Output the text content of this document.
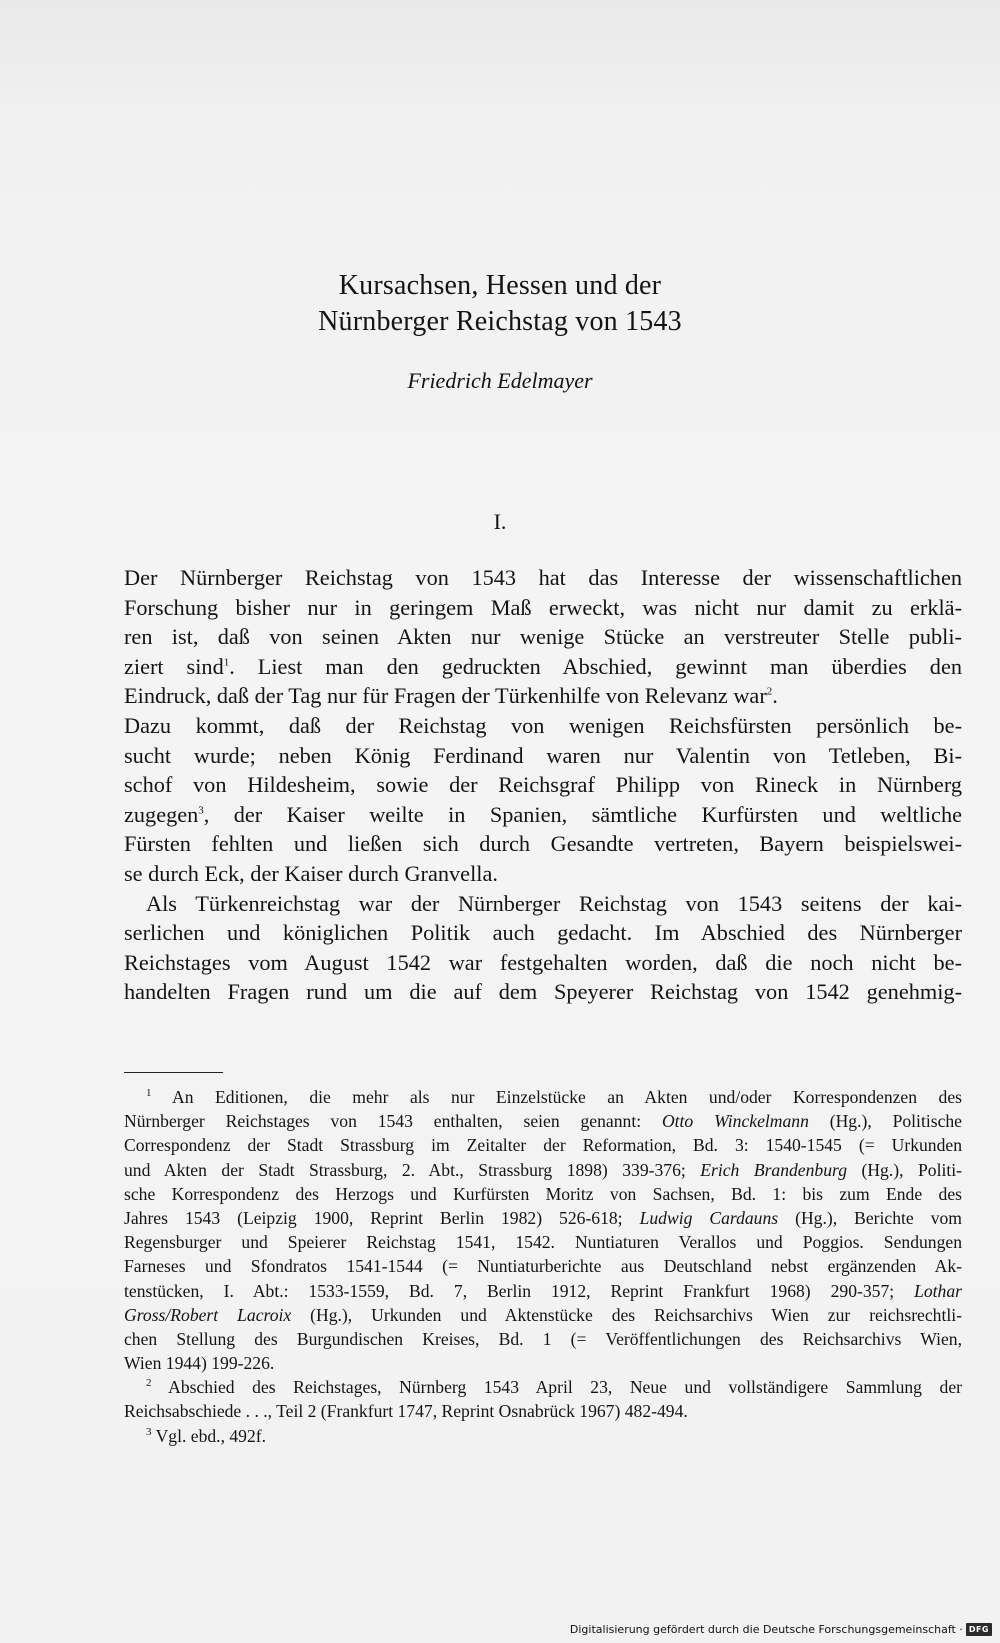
Kursachsen, Hessen und der
Nürnberger Reichstag von 1543
Friedrich Edelmayer
I.
Der Nürnberger Reichstag von 1543 hat das Interesse der wissenschaftlichen
Forschung bisher nur in geringem Maß erweckt, was nicht nur damit zu erklä-
ren ist, daß von seinen Akten nur wenige Stücke an verstreuter Stelle publi-
ziert sind$^1$. Liest man den gedruckten Abschied, gewinnt man überdies den
Eindruck, daß der Tag nur für Fragen der Türkenhilfe von Relevanz war$^2$.
Dazu kommt, daß der Reichstag von wenigen Reichsfürsten persönlich be-
sucht wurde; neben König Ferdinand waren nur Valentin von Tetleben, Bi-
schof von Hildesheim, sowie der Reichsgraf Philipp von Rineck in Nürnberg
zugegen$^3$, der Kaiser weilte in Spanien, sämtliche Kurfürsten und weltliche
Fürsten fehlten und ließen sich durch Gesandte vertreten, Bayern beispielswei-
se durch Eck, der Kaiser durch Granvella.
Als Türkenreichstag war der Nürnberger Reichstag von 1543 seitens der kai-
serlichen und königlichen Politik auch gedacht. Im Abschied des Nürnberger
Reichstages vom August 1542 war festgehalten worden, daß die noch nicht be-
handelten Fragen rund um die auf dem Speyerer Reichstag von 1542 genehmig-
$^1$ An Editionen, die mehr als nur Einzelstücke an Akten und/oder Korrespondenzen des
Nürnberger Reichstages von 1543 enthalten, seien genannt: Otto Winckelmann (Hg.), Politische
Correspondenz der Stadt Strassburg im Zeitalter der Reformation, Bd. 3: 1540-1545 (= Urkunden
und Akten der Stadt Strassburg, 2. Abt., Strassburg 1898) 339-376; Erich Brandenburg (Hg.), Politi-
sche Korrespondenz des Herzogs und Kurfürsten Moritz von Sachsen, Bd. 1: bis zum Ende des
Jahres 1543 (Leipzig 1900, Reprint Berlin 1982) 526-618; Ludwig Cardauns (Hg.), Berichte vom
Regensburger und Speierer Reichstag 1541, 1542. Nuntiaturen Verallos und Poggios. Sendungen
Farneses und Sfondratos 1541-1544 (= Nuntiaturberichte aus Deutschland nebst ergänzenden Ak-
tenstücken, I. Abt.: 1533-1559, Bd. 7, Berlin 1912, Reprint Frankfurt 1968) 290-357; Lothar
Gross/Robert Lacroix (Hg.), Urkunden und Aktenstücke des Reichsarchivs Wien zur reichsrechtli-
chen Stellung des Burgundischen Kreises, Bd. 1 (= Veröffentlichungen des Reichsarchivs Wien,
Wien 1944) 199-226.
$^2$ Abschied des Reichstages, Nürnberg 1543 April 23, Neue und vollständigere Sammlung der
Reichsabschiede . . ., Teil 2 (Frankfurt 1747, Reprint Osnabrück 1967) 482-494.
$^3$ Vgl. ebd., 492f.
Digitalisierung gefördert durch die Deutsche Forschungsgemeinschaft · DFG
